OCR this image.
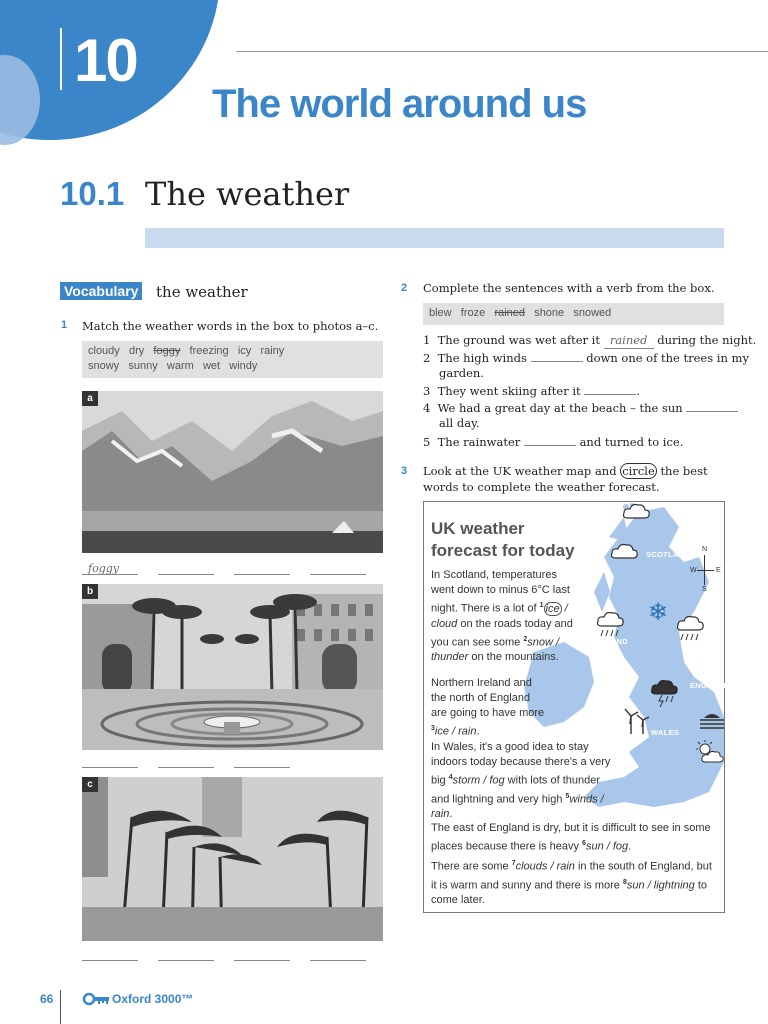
10
The world around us
10.1 The weather
Vocabulary the weather
1 Match the weather words in the box to photos a–c.
cloudy dry foggy freezing icy rainy
snowy sunny warm wet windy
a
foggy
b
c
2 Complete the sentences with a verb from the box.
blew froze rained shone snowed
1 The ground was wet after it rained during the night.
2 The high winds	down one of the trees in my
garden.
3 They went skiing after it	.
4 We had a great day at the beach – the sun
all day.
5 The rainwater	and turned to ice.
3 Look at the UK weather map and circle the best
words to complete the weather forecast.
❄
SCOTLAND
N. IRELAND
ENGLAND
WALES
N
W	E
S
UK weather
forecast for today
In Scotland, temperatures went down to minus 6°C last night. There is a lot of $^1$ ice / cloud on the roads today and you can see some $^2$snow / thunder on the mountains.
Northern Ireland and the north of England are going to have more $^3$ice / rain.
In Wales, it's a good idea to stay indoors today because there's a very big $^4$storm / fog with lots of thunder and lightning and very high $^5$winds / rain.
The east of England is dry, but it is difficult to see in some places because there is heavy $^6$sun / fog.
There are some $^7$clouds / rain in the south of England, but it is warm and sunny and there is more $^8$sun / lightning to come later.
66	Oxford 3000™
